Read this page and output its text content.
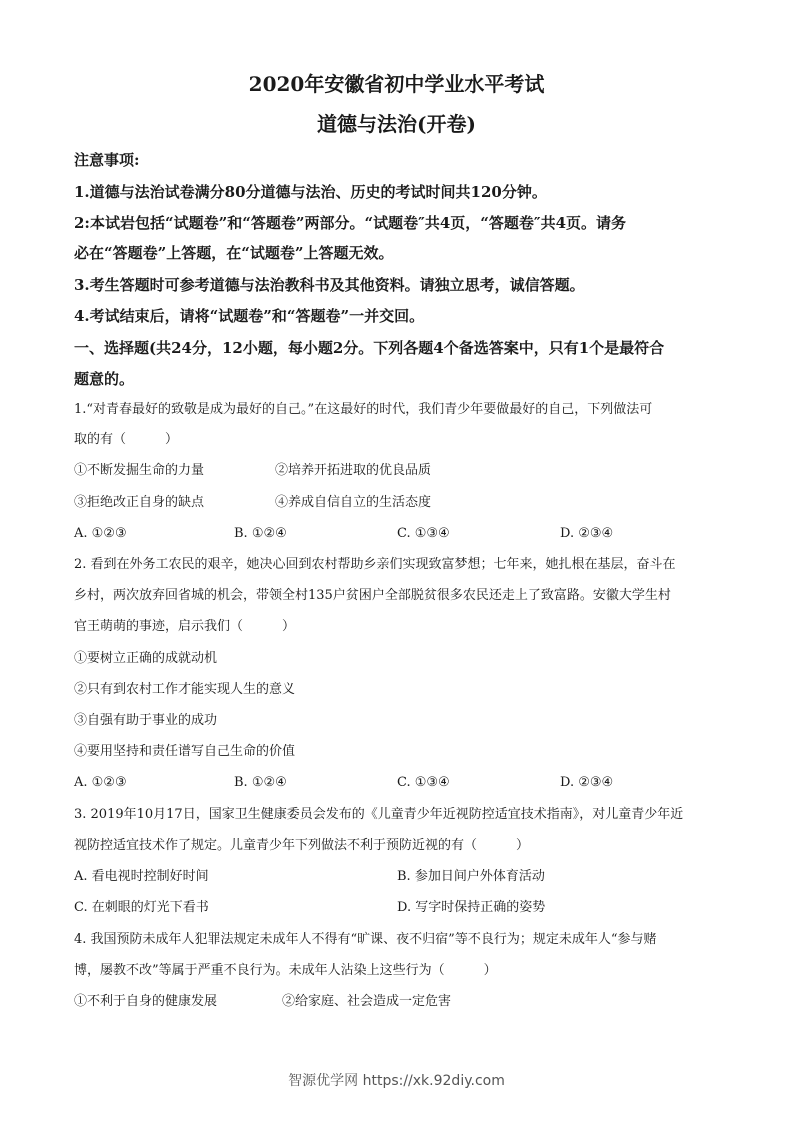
2020年安徽省初中学业水平考试
道德与法治(开卷)
注意事项:
1.道德与法治试卷满分80分道德与法治、历史的考试时间共120分钟。
2:本试岩包括“试题卷”和“答题卷”两部分。“试题卷″共4页，“答题卷″共4页。请务
必在“答题卷”上答题，在“试题卷”上答题无效。
3.考生答题时可参考道德与法治教科书及其他资料。请独立思考，诚信答题。
4.考试结束后，请将“试题卷”和“答题卷”一并交回。
一、选择题(共24分，12小题，每小题2分。下列各题4个备选答案中，只有1个是最符合
题意的。
1.“对青春最好的致敬是成为最好的自己。”在这最好的时代，我们青少年要做最好的自己，下列做法可
取的有（　　　）
①不断发掘生命的力量	②培养开拓进取的优良品质
③拒绝改正自身的缺点	④养成自信自立的生活态度
A. ①②③	B. ①②④	C. ①③④	D. ②③④
2. 看到在外务工农民的艰辛，她决心回到农村帮助乡亲们实现致富梦想；七年来，她扎根在基层，奋斗在
乡村，两次放弃回省城的机会，带领全村135户贫困户全部脱贫很多农民还走上了致富路。安徽大学生村
官王萌萌的事迹，启示我们（　　　）
①要树立正确的成就动机
②只有到农村工作才能实现人生的意义
③自强有助于事业的成功
④要用坚持和责任谱写自己生命的价值
A. ①②③	B. ①②④	C. ①③④	D. ②③④
3. 2019年10月17日，国家卫生健康委员会发布的《儿童青少年近视防控适宜技术指南》，对儿童青少年近
视防控适宜技术作了规定。儿童青少年下列做法不利于预防近视的有（　　　）
A. 看电视时控制好时间	B. 参加日间户外体育活动
C. 在刺眼的灯光下看书	D. 写字时保持正确的姿势
4. 我国预防未成年人犯罪法规定未成年人不得有“旷课、夜不归宿”等不良行为；规定未成年人“参与赌
博，屡教不改”等属于严重不良行为。未成年人沾染上这些行为（　　　）
①不利于自身的健康发展	②给家庭、社会造成一定危害
智源优学网 https://xk.92diy.com
